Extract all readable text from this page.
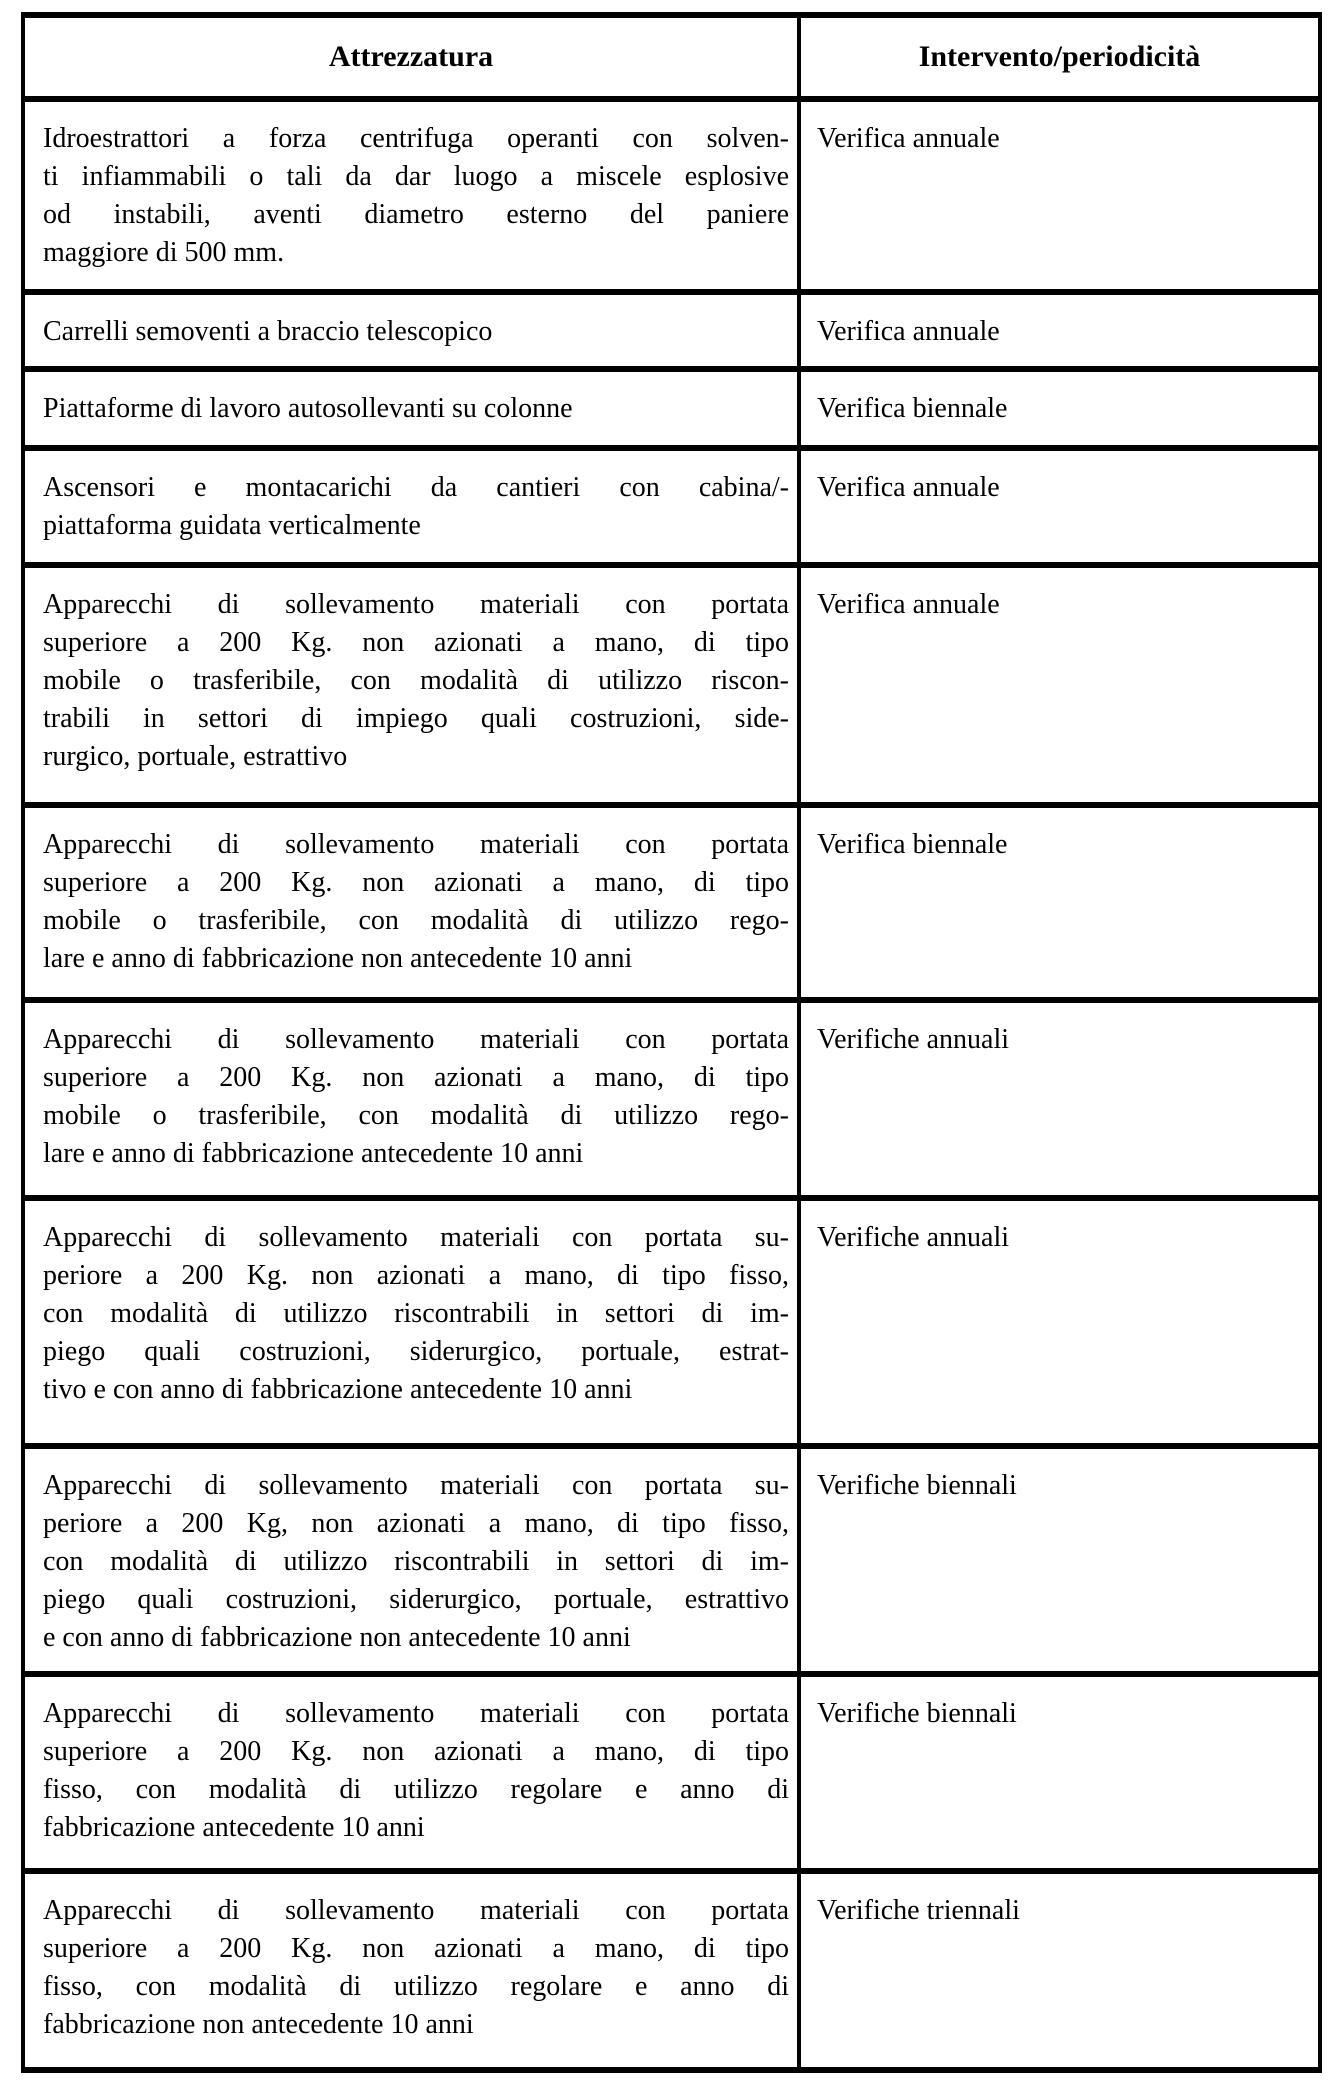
Attrezzatura	Intervento/periodicità

Idroestrattori a forza centrifuga operanti con solven-
ti infiammabili o tali da dar luogo a miscele esplosive
od instabili, aventi diametro esterno del paniere
maggiore di 500 mm.	Verifica annuale

Carrelli semoventi a braccio telescopico	Verifica annuale

Piattaforme di lavoro autosollevanti su colonne	Verifica biennale

Ascensori e montacarichi da cantieri con cabina/-
piattaforma guidata verticalmente	Verifica annuale

Apparecchi di sollevamento materiali con portata
superiore a 200 Kg. non azionati a mano, di tipo
mobile o trasferibile, con modalità di utilizzo riscon-
trabili in settori di impiego quali costruzioni, side-
rurgico, portuale, estrattivo	Verifica annuale

Apparecchi di sollevamento materiali con portata
superiore a 200 Kg. non azionati a mano, di tipo
mobile o trasferibile, con modalità di utilizzo rego-
lare e anno di fabbricazione non antecedente 10 anni	Verifica biennale

Apparecchi di sollevamento materiali con portata
superiore a 200 Kg. non azionati a mano, di tipo
mobile o trasferibile, con modalità di utilizzo rego-
lare e anno di fabbricazione antecedente 10 anni	Verifiche annuali

Apparecchi di sollevamento materiali con portata su-
periore a 200 Kg. non azionati a mano, di tipo fisso,
con modalità di utilizzo riscontrabili in settori di im-
piego quali costruzioni, siderurgico, portuale, estrat-
tivo e con anno di fabbricazione antecedente 10 anni	Verifiche annuali

Apparecchi di sollevamento materiali con portata su-
periore a 200 Kg, non azionati a mano, di tipo fisso,
con modalità di utilizzo riscontrabili in settori di im-
piego quali costruzioni, siderurgico, portuale, estrattivo
e con anno di fabbricazione non antecedente 10 anni	Verifiche biennali

Apparecchi di sollevamento materiali con portata
superiore a 200 Kg. non azionati a mano, di tipo
fisso, con modalità di utilizzo regolare e anno di
fabbricazione antecedente 10 anni	Verifiche biennali

Apparecchi di sollevamento materiali con portata
superiore a 200 Kg. non azionati a mano, di tipo
fisso, con modalità di utilizzo regolare e anno di
fabbricazione non antecedente 10 anni	Verifiche triennali
